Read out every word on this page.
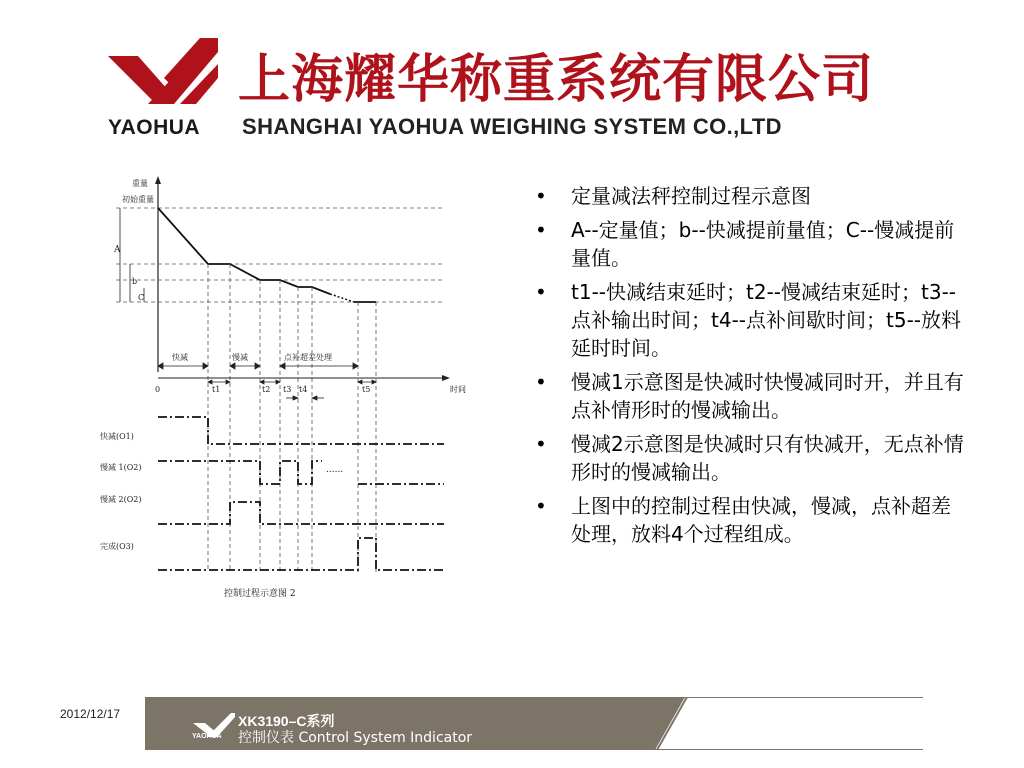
YAOHUA
上海耀华称重系统有限公司
SHANGHAI YAOHUA WEIGHING SYSTEM CO.,LTD
重量
初始重量
A
b
C
快减	慢减	点补超差处理
时间
0	t1	t2 t3 t4	t5
快减(O1)
慢减 1(O2)	......
慢减 2(O2)
完成(O3)
控制过程示意图 2
• 定量减法秤控制过程示意图
• A--定量值；b--快减提前量值；C--慢减提前量值。
• t1--快减结束延时；t2--慢减结束延时；t3--点补输出时间；t4--点补间歇时间；t5--放料延时时间。
• 慢减1示意图是快减时快慢减同时开，并且有点补情形时的慢减输出。
• 慢减2示意图是快减时只有快减开，无点补情形时的慢减输出。
• 上图中的控制过程由快减，慢减，点补超差处理，放料4个过程组成。
2012/12/17	XK3190–C系列
控制仪表 Control System Indicator
YAOHUA
